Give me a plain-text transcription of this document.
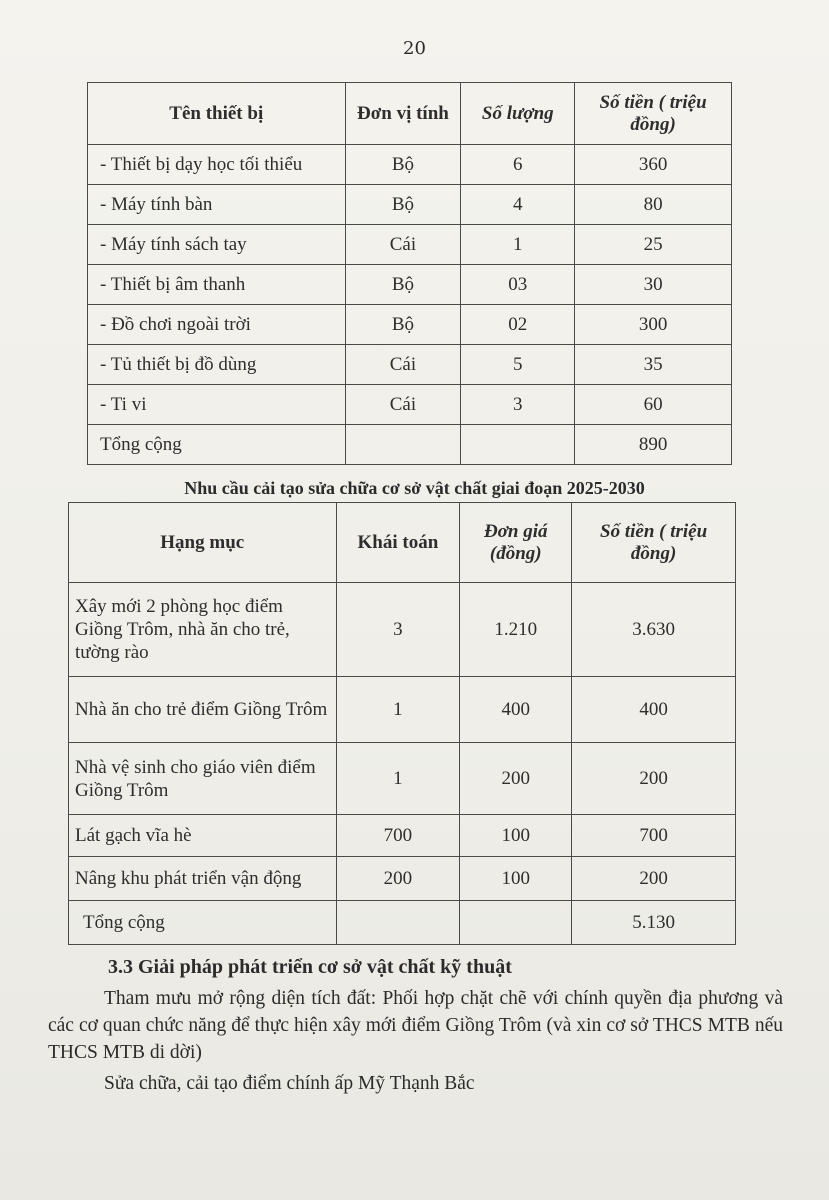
20
Tên thiết bị	Đơn vị tính	Số lượng	Số tiền ( triệu đồng)
- Thiết bị dạy học tối thiểu	Bộ	6	360
- Máy tính bàn	Bộ	4	80
- Máy tính sách tay	Cái	1	25
- Thiết bị âm thanh	Bộ	03	30
- Đồ chơi ngoài trời	Bộ	02	300
- Tủ thiết bị đồ dùng	Cái	5	35
- Ti vi	Cái	3	60
Tổng cộng			890
Nhu cầu cải tạo sửa chữa cơ sở vật chất giai đoạn 2025-2030
Hạng mục	Khái toán	Đơn giá (đồng)	Số tiền ( triệu đồng)
Xây mới 2 phòng học điểm Giồng Trôm, nhà ăn cho trẻ, tường rào	3	1.210	3.630
Nhà ăn cho trẻ điểm Giồng Trôm	1	400	400
Nhà vệ sinh cho giáo viên điểm Giồng Trôm	1	200	200
Lát gạch vĩa hè	700	100	700
Nâng khu phát triển vận động	200	100	200
Tổng cộng			5.130
3.3 Giải pháp phát triển cơ sở vật chất kỹ thuật
Tham mưu mở rộng diện tích đất: Phối hợp chặt chẽ với chính quyền địa phương và các cơ quan chức năng để thực hiện xây mới điểm Giồng Trôm (và xin cơ sở THCS MTB nếu THCS MTB di dời)
Sửa chữa, cải tạo điểm chính ấp Mỹ Thạnh Bắc
